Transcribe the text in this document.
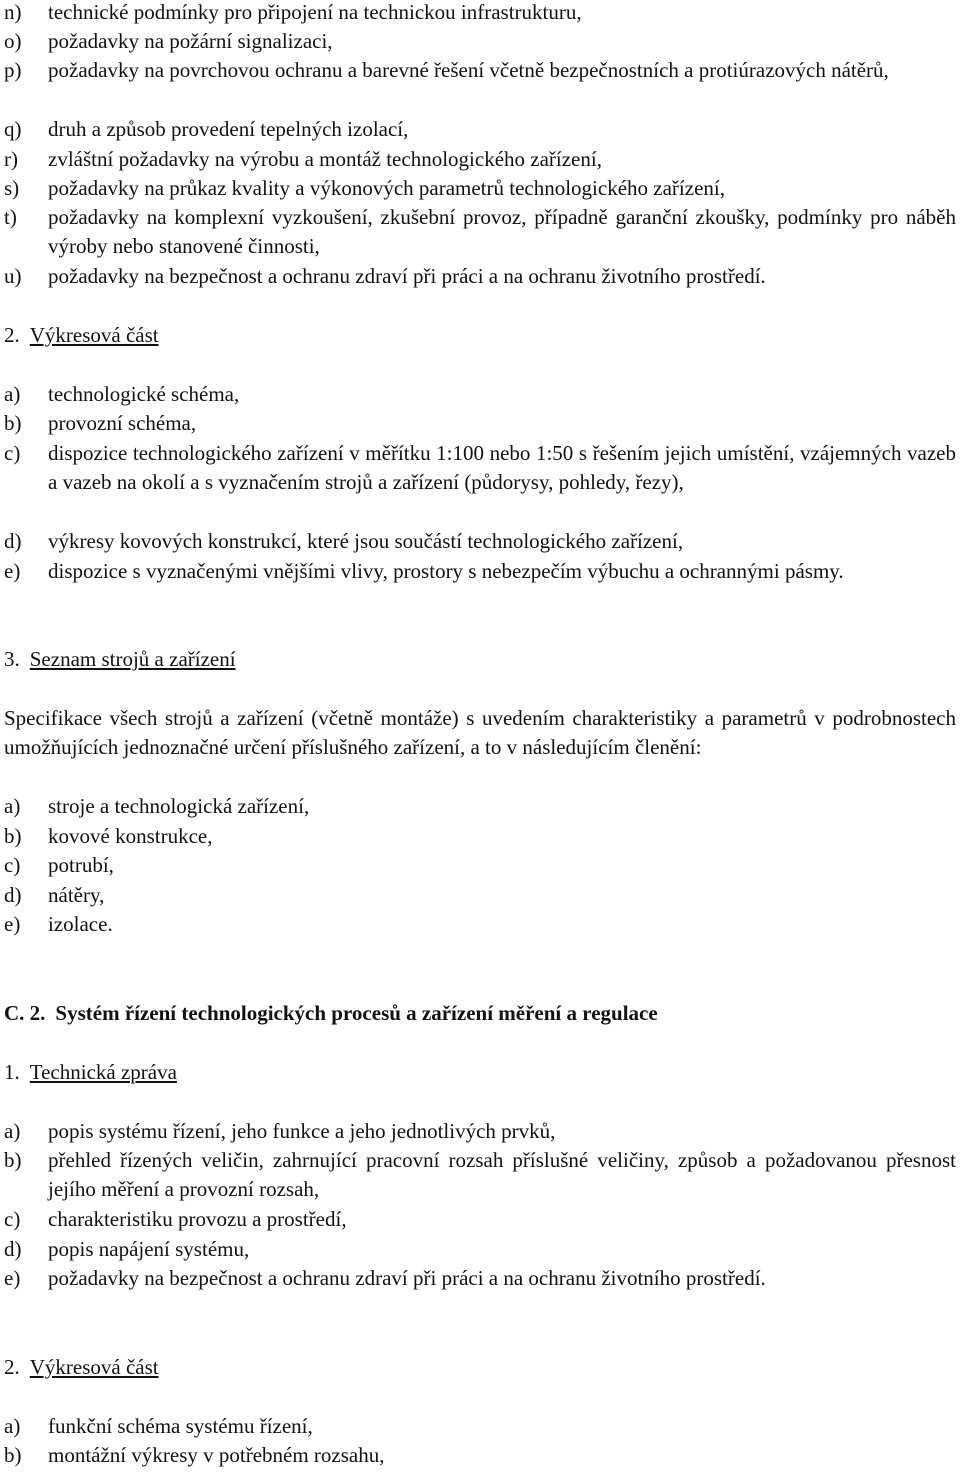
n) technické podmínky pro připojení na technickou infrastrukturu,
o) požadavky na požární signalizaci,
p) požadavky na povrchovou ochranu a barevné řešení včetně bezpečnostních a protiúrazových nátěrů,
q) druh a způsob provedení tepelných izolací,
r) zvláštní požadavky na výrobu a montáž technologického zařízení,
s) požadavky na průkaz kvality a výkonových parametrů technologického zařízení,
t) požadavky na komplexní vyzkoušení, zkušební provoz, případně garanční zkoušky, podmínky pro náběh výroby nebo stanovené činnosti,
u) požadavky na bezpečnost a ochranu zdraví při práci a na ochranu životního prostředí.
2. Výkresová část
a) technologické schéma,
b) provozní schéma,
c) dispozice technologického zařízení v měřítku 1:100 nebo 1:50 s řešením jejich umístění, vzájemných vazeb a vazeb na okolí a s vyznačením strojů a zařízení (půdorysy, pohledy, řezy),
d) výkresy kovových konstrukcí, které jsou součástí technologického zařízení,
e) dispozice s vyznačenými vnějšími vlivy, prostory s nebezpečím výbuchu a ochrannými pásmy.
3. Seznam strojů a zařízení
Specifikace všech strojů a zařízení (včetně montáže) s uvedením charakteristiky a parametrů v podrobnostech umožňujících jednoznačné určení příslušného zařízení, a to v následujícím členění:
a) stroje a technologická zařízení,
b) kovové konstrukce,
c) potrubí,
d) nátěry,
e) izolace.
C. 2. Systém řízení technologických procesů a zařízení měření a regulace
1. Technická zpráva
a) popis systému řízení, jeho funkce a jeho jednotlivých prvků,
b) přehled řízených veličin, zahrnující pracovní rozsah příslušné veličiny, způsob a požadovanou přesnost jejího měření a provozní rozsah,
c) charakteristiku provozu a prostředí,
d) popis napájení systému,
e) požadavky na bezpečnost a ochranu zdraví při práci a na ochranu životního prostředí.
2. Výkresová část
a) funkční schéma systému řízení,
b) montážní výkresy v potřebném rozsahu,
